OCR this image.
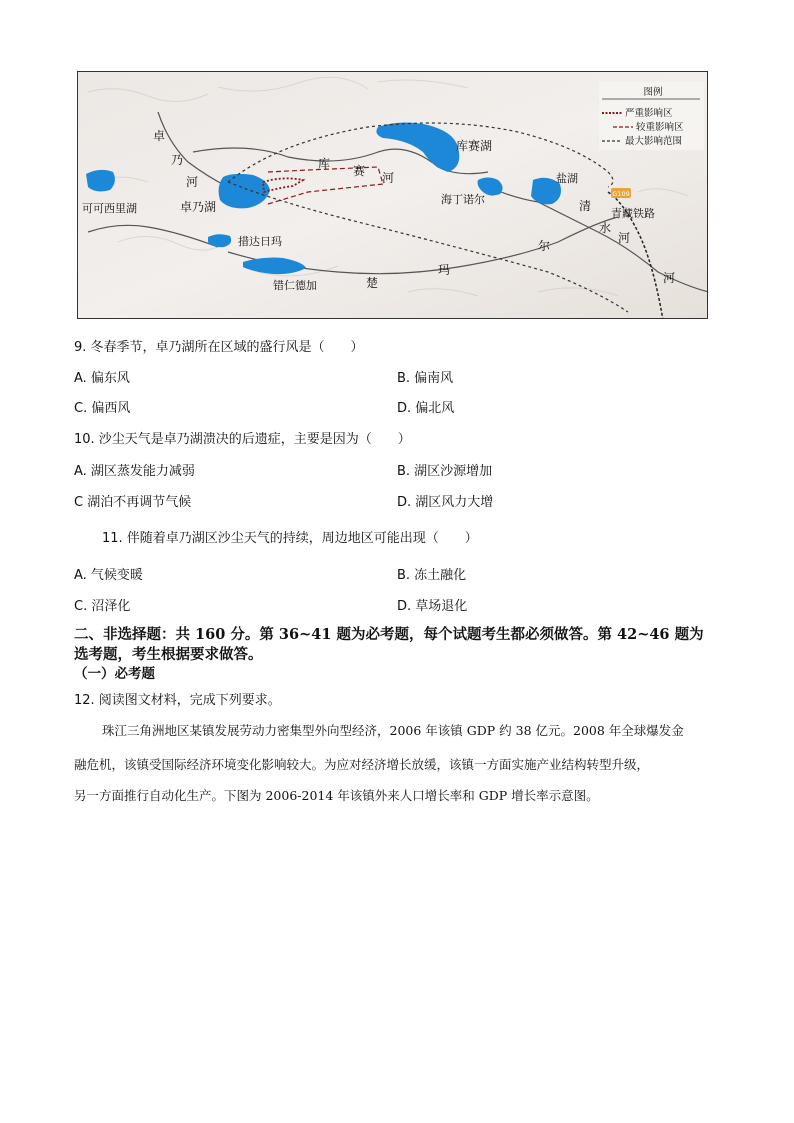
G109
卓
乃
河
可可西里湖	卓乃湖
库 赛 河
库赛湖
海丁诺尔
盐湖
清
水
河
青藏铁路
措达日玛
错仁德加	楚
玛
尔
河
图例
严重影响区
较重影响区
最大影响范围
9. 冬春季节，卓乃湖所在区域的盛行风是（　　）
A. 偏东风	B. 偏南风
C. 偏西风	D. 偏北风
10. 沙尘天气是卓乃湖溃决的后遗症，主要是因为（　　）
A. 湖区蒸发能力减弱	B. 湖区沙源增加
C 湖泊不再调节气候	D. 湖区风力大增
11. 伴随着卓乃湖区沙尘天气的持续，周边地区可能出现（　　）
A. 气候变暖	B. 冻土融化
C. 沼泽化	D. 草场退化
二、非选择题：共 160 分。第 36~41 题为必考题，每个试题考生都必须做答。第 42~46 题为
选考题，考生根据要求做答。
（一）必考题
12. 阅读图文材料，完成下列要求。
珠江三角洲地区某镇发展劳动力密集型外向型经济，2006 年该镇 GDP 约 38 亿元。2008 年全球爆发金
融危机，该镇受国际经济环境变化影响较大。为应对经济增长放缓，该镇一方面实施产业结构转型升级，
另一方面推行自动化生产。下图为 2006-2014 年该镇外来人口增长率和 GDP 增长率示意图。
